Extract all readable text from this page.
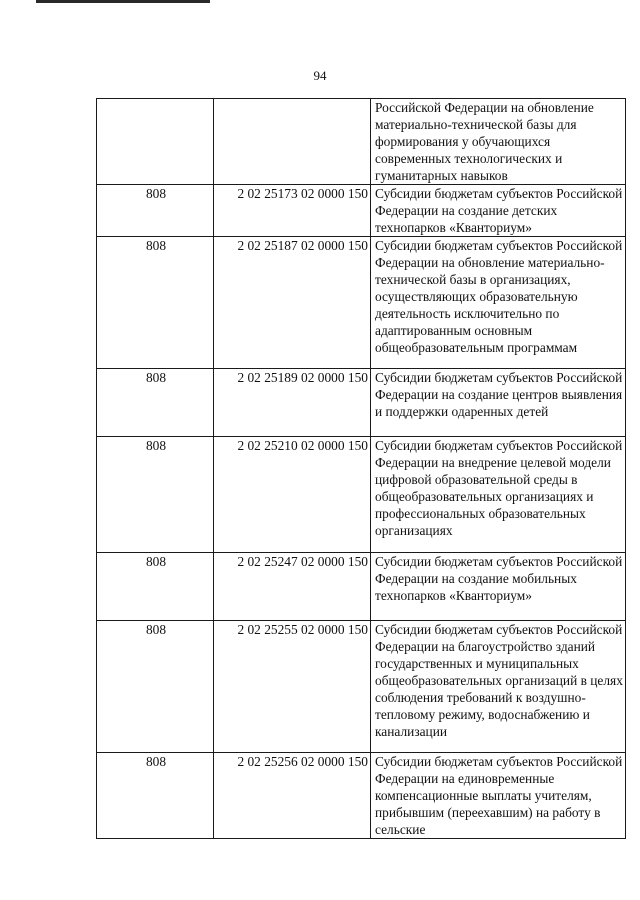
94
		Российской Федерации на обновление материально-технической базы для формирования у обучающихся современных технологических и гуманитарных навыков
808	2 02 25173 02 0000 150	Субсидии бюджетам субъектов Российской Федерации на создание детских технопарков «Кванториум»
808	2 02 25187 02 0000 150	Субсидии бюджетам субъектов Российской Федерации на обновление материально-технической базы в организациях, осуществляющих образовательную деятельность исключительно по адаптированным основным общеобразовательным программам
808	2 02 25189 02 0000 150	Субсидии бюджетам субъектов Российской Федерации на создание центров выявления и поддержки одаренных детей
808	2 02 25210 02 0000 150	Субсидии бюджетам субъектов Российской Федерации на внедрение целевой модели цифровой образовательной среды в общеобразовательных организациях и профессиональных образовательных организациях
808	2 02 25247 02 0000 150	Субсидии бюджетам субъектов Российской Федерации на создание мобильных технопарков «Кванториум»
808	2 02 25255 02 0000 150	Субсидии бюджетам субъектов Российской Федерации на благоустройство зданий государственных и муниципальных общеобразовательных организаций в целях соблюдения требований к воздушно-тепловому режиму, водоснабжению и канализации
808	2 02 25256 02 0000 150	Субсидии бюджетам субъектов Российской Федерации на единовременные компенсационные выплаты учителям, прибывшим (переехавшим) на работу в сельские
